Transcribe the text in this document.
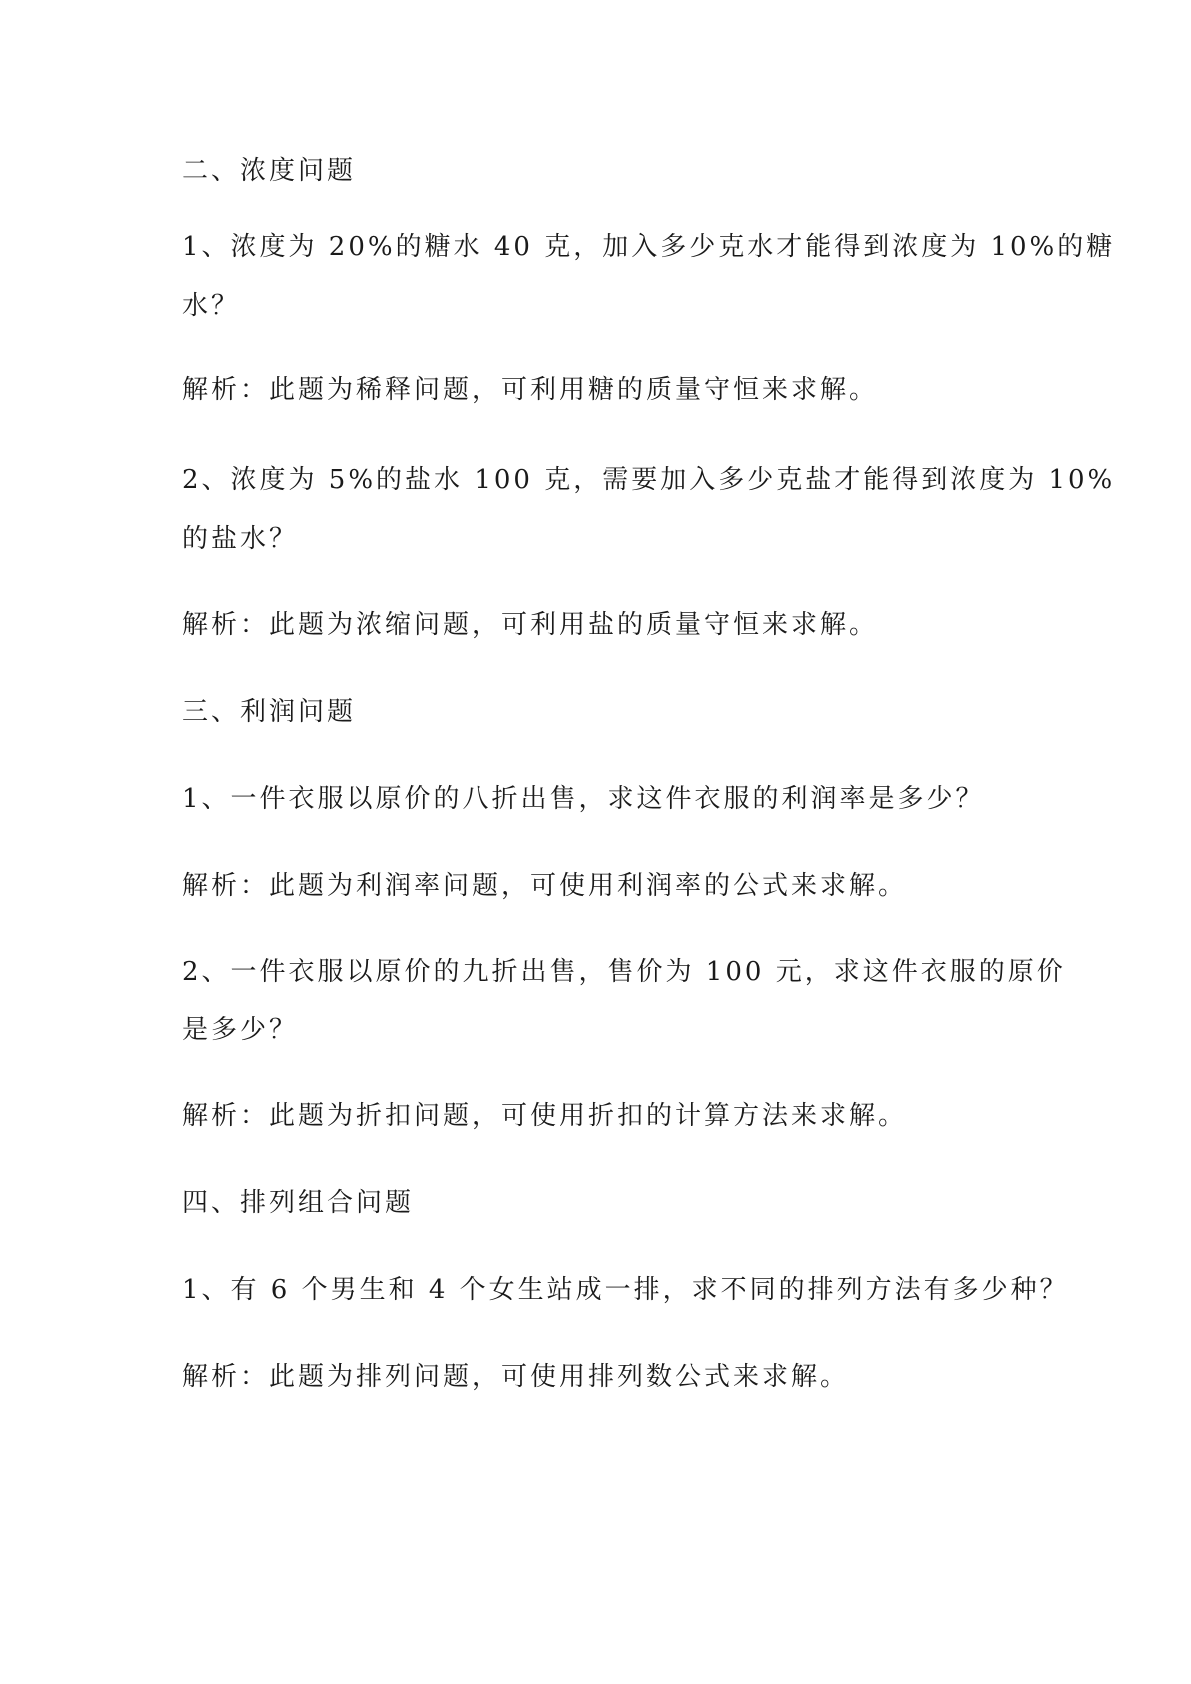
二、浓度问题
1、浓度为 20%的糖水 40 克，加入多少克水才能得到浓度为 10%的糖
水？
解析：此题为稀释问题，可利用糖的质量守恒来求解。
2、浓度为 5%的盐水 100 克，需要加入多少克盐才能得到浓度为 10%
的盐水？
解析：此题为浓缩问题，可利用盐的质量守恒来求解。
三、利润问题
1、一件衣服以原价的八折出售，求这件衣服的利润率是多少？
解析：此题为利润率问题，可使用利润率的公式来求解。
2、一件衣服以原价的九折出售，售价为 100 元，求这件衣服的原价
是多少？
解析：此题为折扣问题，可使用折扣的计算方法来求解。
四、排列组合问题
1、有 6 个男生和 4 个女生站成一排，求不同的排列方法有多少种？
解析：此题为排列问题，可使用排列数公式来求解。
